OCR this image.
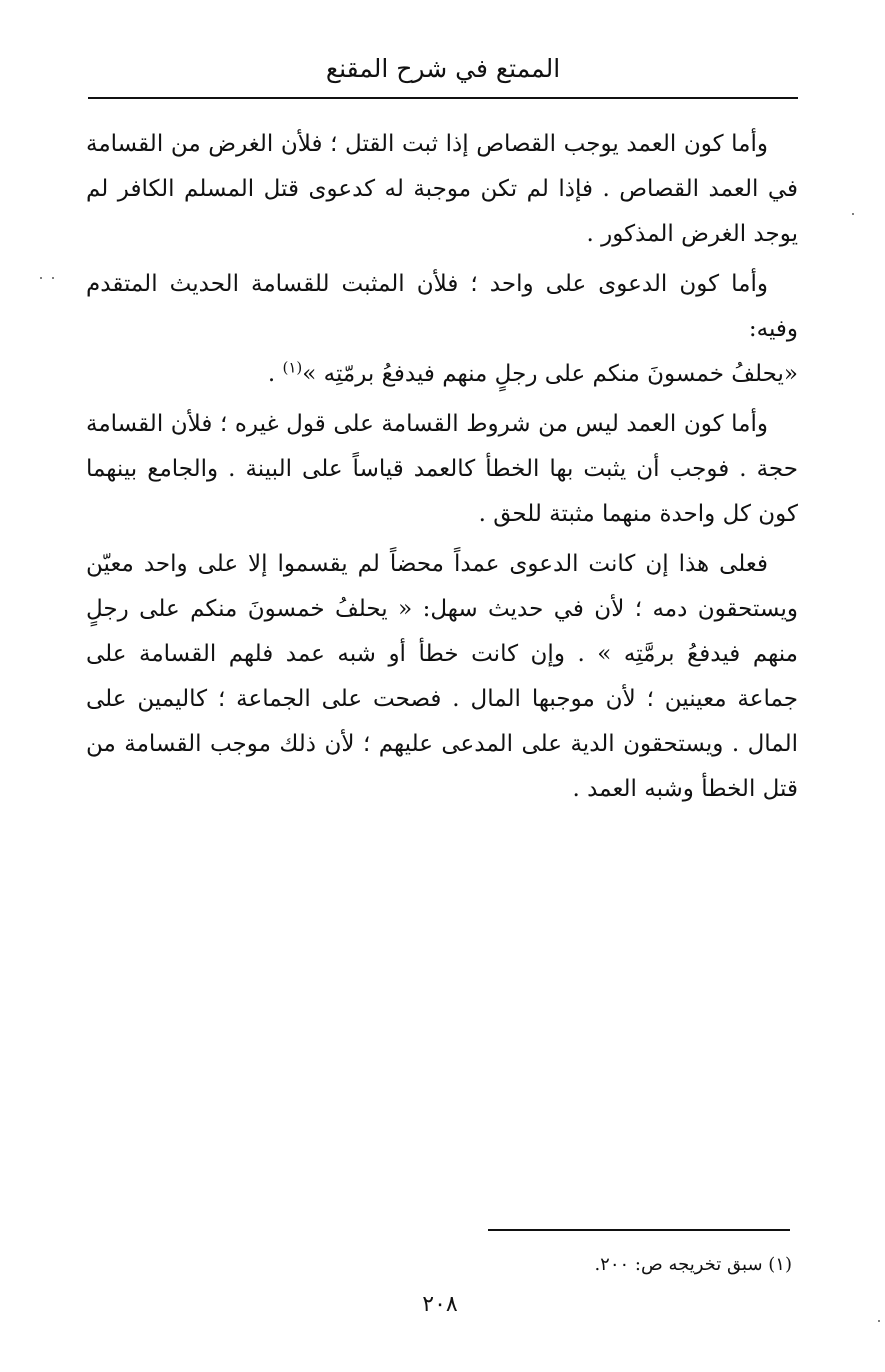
الممتع في شرح المقنع

وأما كون العمد يوجب القصاص إذا ثبت القتل ؛ فلأن الغرض من القسامة في العمد القصاص . فإذا لم تكن موجبة له كدعوى قتل المسلم الكافر لم يوجد الغرض المذكور .

وأما كون الدعوى على واحد ؛ فلأن المثبت للقسامة الحديث المتقدم وفيه:

«يحلفُ خمسونَ منكم على رجلٍ منهم فيدفعُ برمّتِه »$^{(١)}$ .

وأما كون العمد ليس من شروط القسامة على قول غيره ؛ فلأن القسامة حجة . فوجب أن يثبت بها الخطأ كالعمد قياساً على البينة . والجامع بينهما كون كل واحدة منهما مثبتة للحق .

فعلى هذا إن كانت الدعوى عمداً محضاً لم يقسموا إلا على واحد معيّن ويستحقون دمه ؛ لأن في حديث سهل: « يحلفُ خمسونَ منكم على رجلٍ منهم فيدفعُ برمَّتِه » . وإن كانت خطأ أو شبه عمد فلهم القسامة على جماعة معينين ؛ لأن موجبها المال . فصحت على الجماعة ؛ كاليمين على المال . ويستحقون الدية على المدعى عليهم ؛ لأن ذلك موجب القسامة من قتل الخطأ وشبه العمد .

(١) سبق تخريجه ص: ٢٠٠.
٢٠٨
